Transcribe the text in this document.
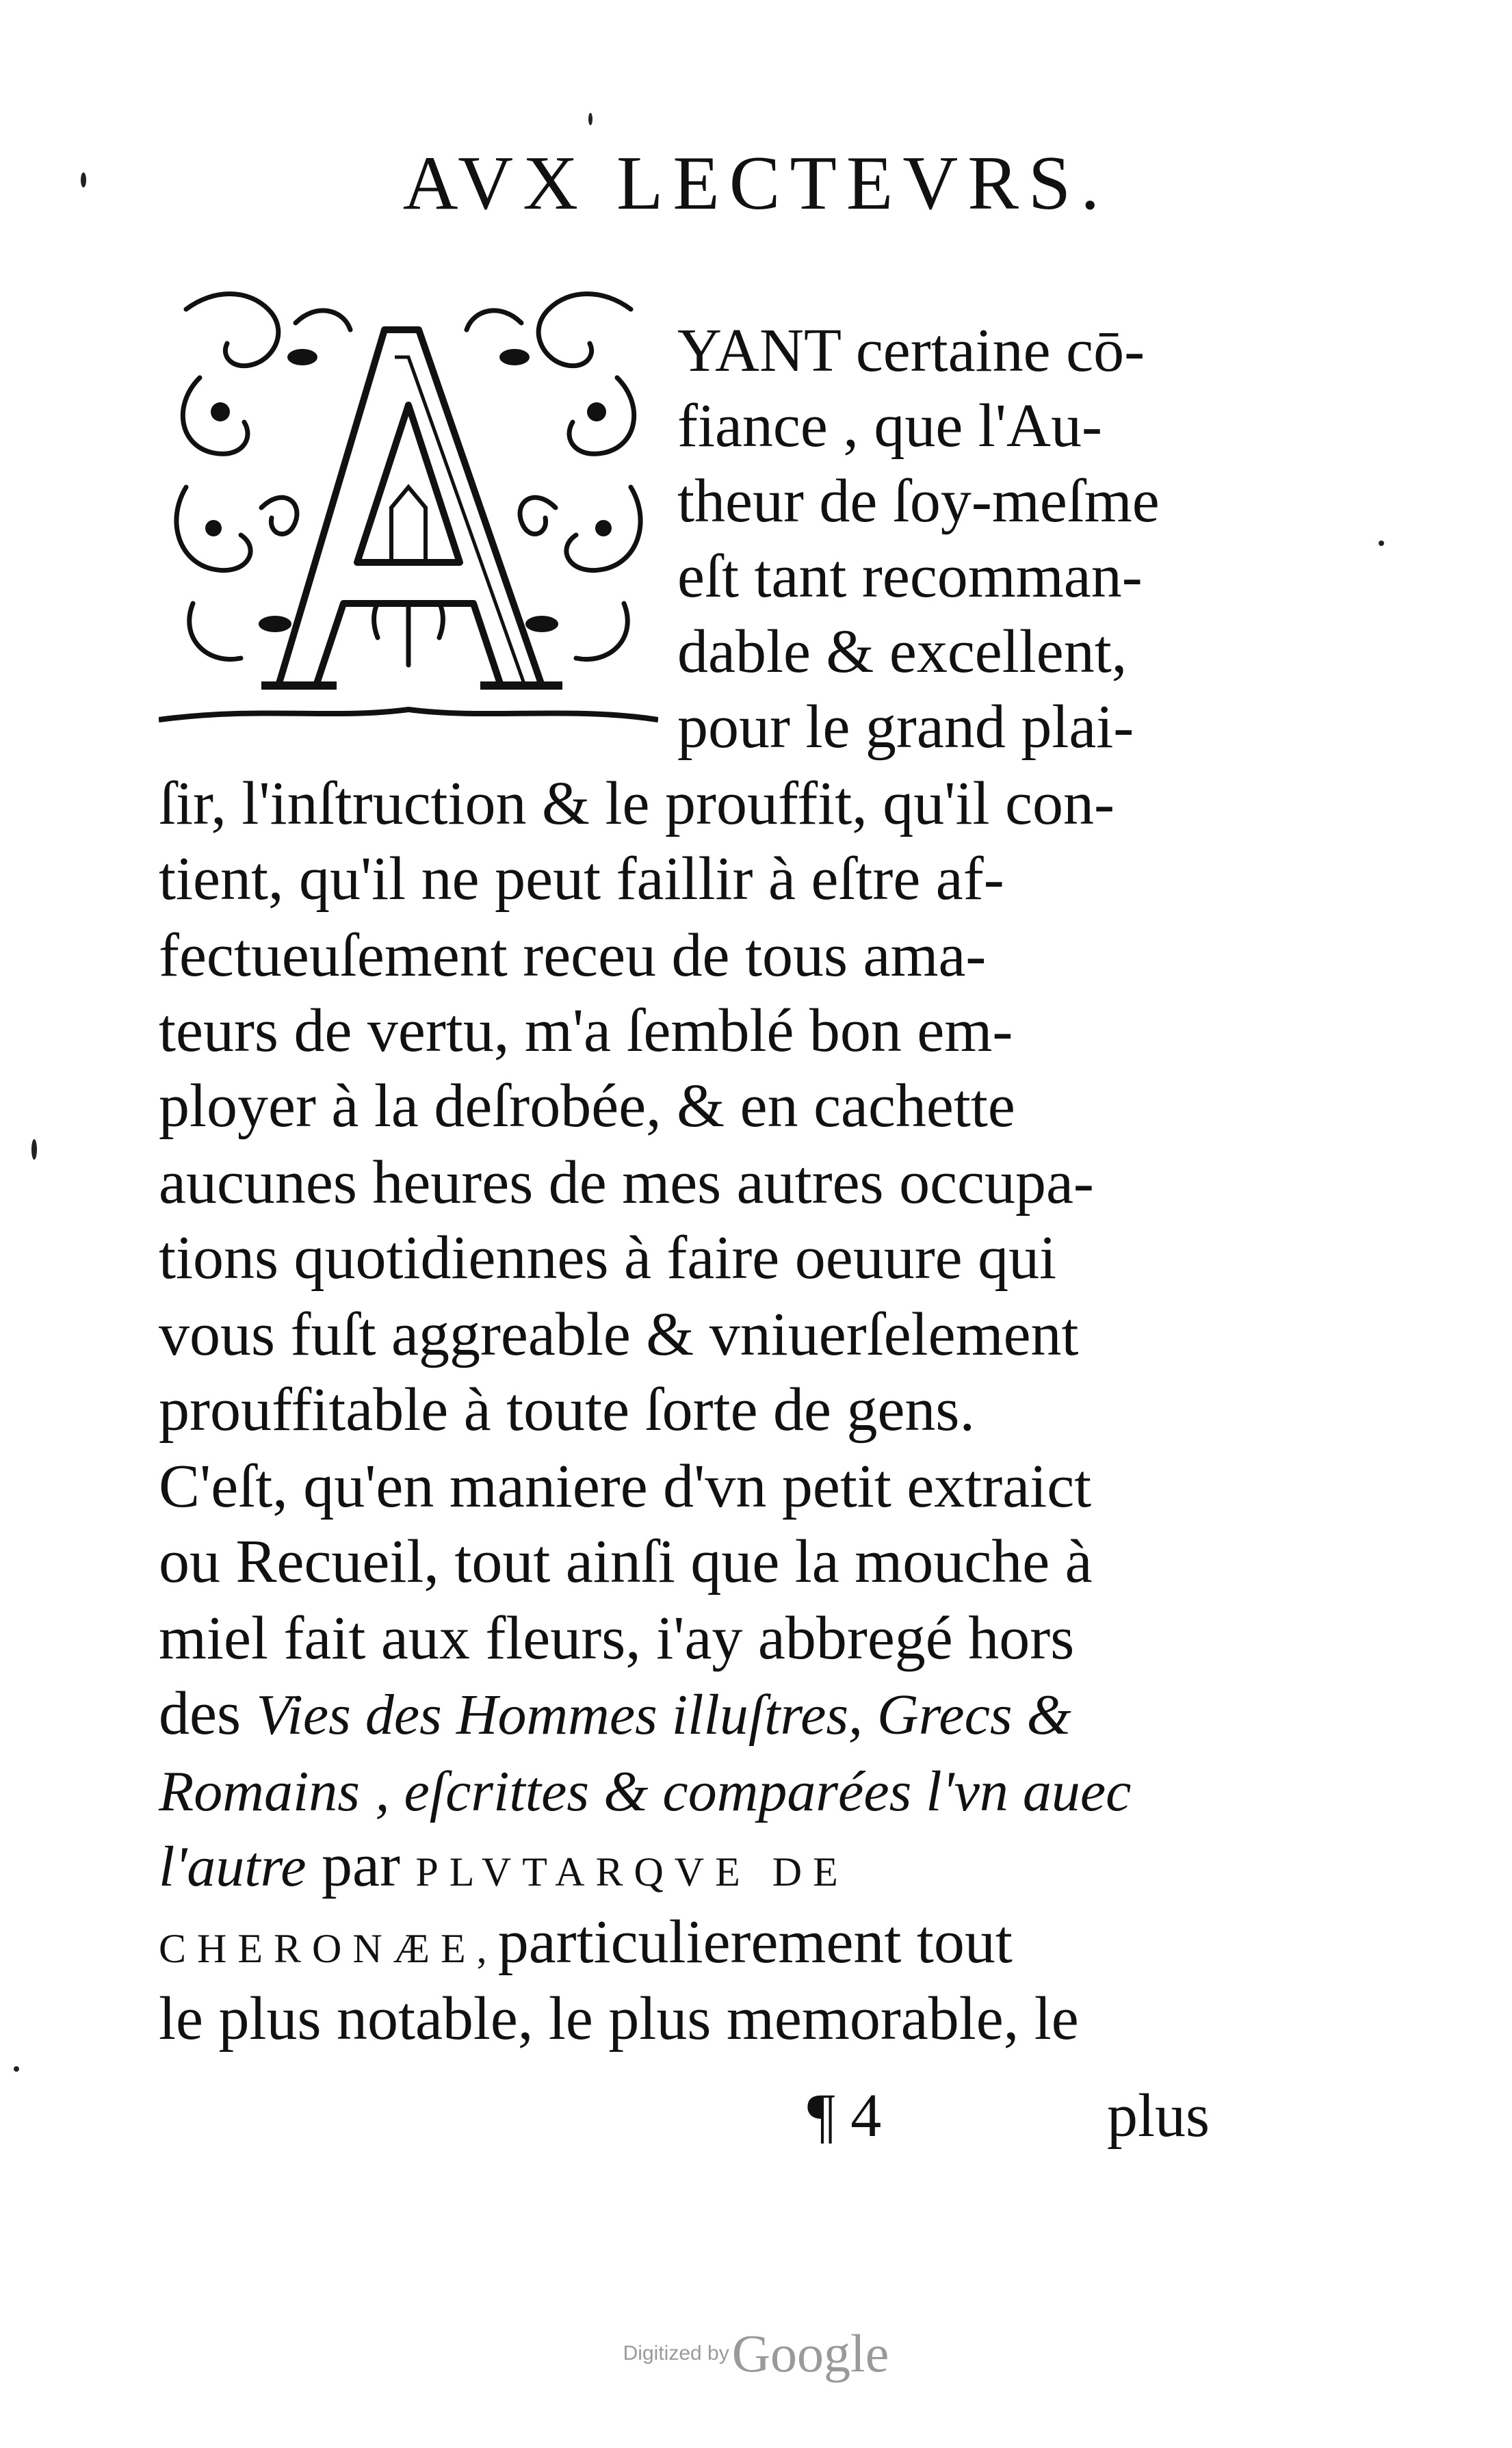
AVX LECTEVRS.
A
YANT certaine cō-
fiance , que l'Au-
theur de ſoy-meſme
eſt tant recomman-
dable & excellent,
pour le grand plai-
ſir, l'inſtruction & le prouffit, qu'il con-
tient, qu'il ne peut faillir à eſtre af-
fectueuſement receu de tous ama-
teurs de vertu, m'a ſemblé bon em-
ployer à la deſrobée, & en cachette
aucunes heures de mes autres occupa-
tions quotidiennes à faire oeuure qui
vous fuſt aggreable & vniuerſelement
prouffitable à toute ſorte de gens.
C'eſt, qu'en maniere d'vn petit extraict
ou Recueil, tout ainſi que la mouche à
miel fait aux fleurs, i'ay abbregé hors
des Vies des Hommes illuſtres, Grecs &
Romains , eſcrittes & comparées l'vn auec
l'autre par PLVTARQVE DE
CHERONÆE,particulierement tout
le plus notable, le plus memorable, le
¶ 4	plus
Digitized by Google
